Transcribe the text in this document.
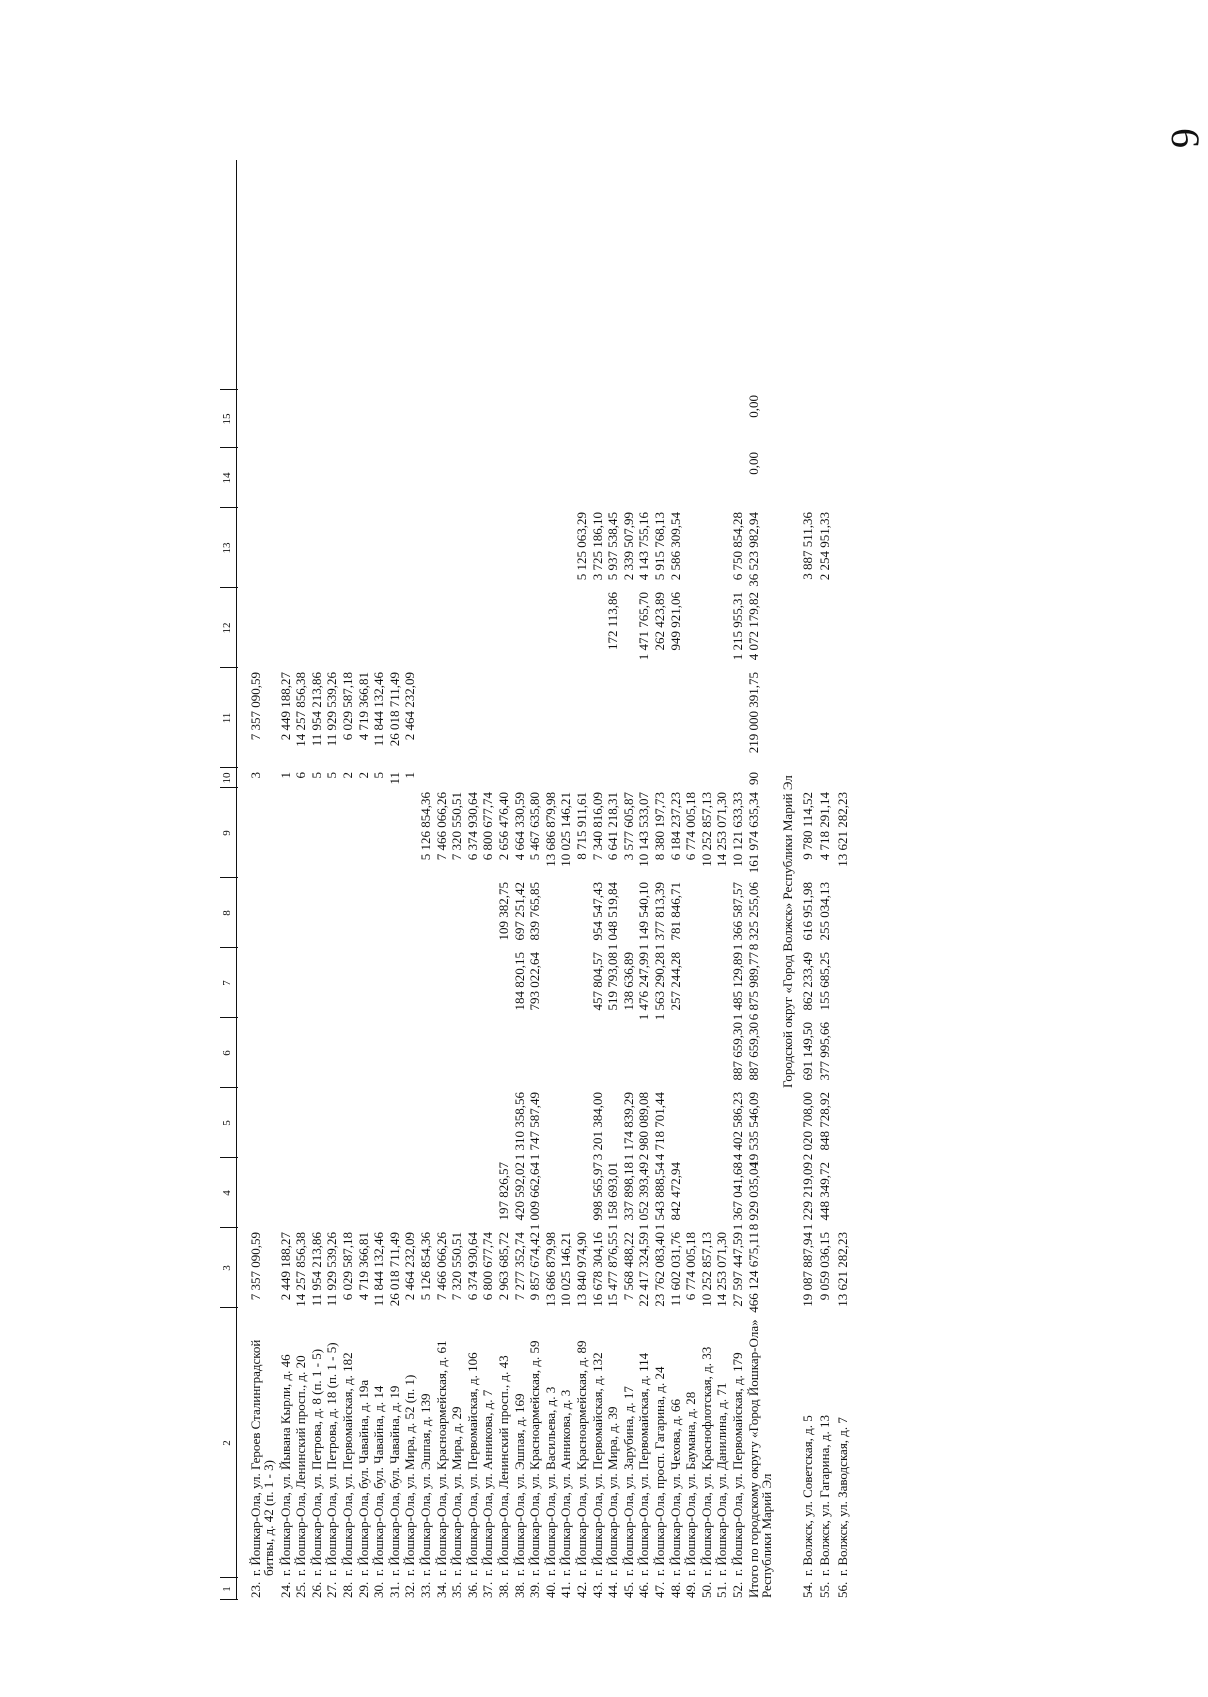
6
1
2
3
4
5
6
7
8
9
10
11
12
13
14
15
23.
г. Йошкар-Ола, ул. Героев Сталинградской
битвы, д. 42 (п. 1 - 3)
7 357 090,59
3
7 357 090,59
24.
г. Йошкар-Ола, ул. Йывана Кырли, д. 46
2 449 188,27
1
2 449 188,27
25.
г. Йошкар-Ола, Ленинский просп., д. 20
14 257 856,38
6
14 257 856,38
26.
г. Йошкар-Ола, ул. Петрова, д. 8 (п. 1 - 5)
11 954 213,86
5
11 954 213,86
27.
г. Йошкар-Ола, ул. Петрова, д. 18 (п. 1 - 5)
11 929 539,26
5
11 929 539,26
28.
г. Йошкар-Ола, ул. Первомайская, д. 182
6 029 587,18
2
6 029 587,18
29.
г. Йошкар-Ола, бул. Чавайна, д. 19а
4 719 366,81
2
4 719 366,81
30.
г. Йошкар-Ола, бул. Чавайна, д. 14
11 844 132,46
5
11 844 132,46
31.
г. Йошкар-Ола, бул. Чавайна, д. 19
26 018 711,49
11
26 018 711,49
32.
г. Йошкар-Ола, ул. Мира, д. 52 (п. 1)
2 464 232,09
1
2 464 232,09
33.
г. Йошкар-Ола, ул. Эшпая, д. 139
5 126 854,36
5 126 854,36
34.
г. Йошкар-Ола, ул. Красноармейская, д. 61
7 466 066,26
7 466 066,26
35.
г. Йошкар-Ола, ул. Мира, д. 29
7 320 550,51
7 320 550,51
36.
г. Йошкар-Ола, ул. Первомайская, д. 106
6 374 930,64
6 374 930,64
37.
г. Йошкар-Ола, ул. Анникова, д. 7
6 800 677,74
6 800 677,74
38.
г. Йошкар-Ола, Ленинский просп., д. 43
2 963 685,72
197 826,57
109 382,75
2 656 476,40
38.
г. Йошкар-Ола, ул. Эшпая, д. 169
7 277 352,74
420 592,02
1 310 358,56
184 820,15
697 251,42
4 664 330,59
39.
г. Йошкар-Ола, ул. Красноармейская, д. 59
9 857 674,42
1 009 662,64
1 747 587,49
793 022,64
839 765,85
5 467 635,80
40.
г. Йошкар-Ола, ул. Васильева, д. 3
13 686 879,98
13 686 879,98
41.
г. Йошкар-Ола, ул. Анникова, д. 3
10 025 146,21
10 025 146,21
42.
г. Йошкар-Ола, ул. Красноармейская, д. 89
13 840 974,90
8 715 911,61
5 125 063,29
43.
г. Йошкар-Ола, ул. Первомайская, д. 132
16 678 304,16
998 565,97
3 201 384,00
457 804,57
954 547,43
7 340 816,09
3 725 186,10
44.
г. Йошкар-Ола, ул. Мира, д. 39
15 477 876,55
1 158 693,01
519 793,08
1 048 519,84
6 641 218,31
172 113,86
5 937 538,45
45.
г. Йошкар-Ола, ул. Зарубина, д. 17
7 568 488,22
337 898,18
1 174 839,29
138 636,89
3 577 605,87
2 339 507,99
46.
г. Йошкар-Ола, ул. Первомайская, д. 114
22 417 324,59
1 052 393,49
2 980 089,08
1 476 247,99
1 149 540,10
10 143 533,07
1 471 765,70
4 143 755,16
47.
г. Йошкар-Ола, просп. Гагарина, д. 24
23 762 083,40
1 543 888,54
4 718 701,44
1 563 290,28
1 377 813,39
8 380 197,73
262 423,89
5 915 768,13
48.
г. Йошкар-Ола, ул. Чехова, д. 66
11 602 031,76
842 472,94
257 244,28
781 846,71
6 184 237,23
949 921,06
2 586 309,54
49.
г. Йошкар-Ола, ул. Баумана, д. 28
6 774 005,18
6 774 005,18
50.
г. Йошкар-Ола, ул. Краснофлотская, д. 33
10 252 857,13
10 252 857,13
51.
г. Йошкар-Ола, ул. Данилина, д. 71
14 253 071,30
14 253 071,30
52.
г. Йошкар-Ола, ул. Первомайская, д. 179
27 597 447,59
1 367 041,68
4 402 586,23
887 659,30
1 485 129,89
1 366 587,57
10 121 633,33
1 215 955,31
6 750 854,28
Итого по городскому округу «Город Йошкар-Ола»
Республики Марий Эл
466 124 675,11
8 929 035,04
19 535 546,09
887 659,30
6 875 989,77
8 325 255,06
161 974 635,34
90
219 000 391,75
4 072 179,82
36 523 982,94
0,00
0,00
Городской округ «Город Волжск» Республики Марий Эл
54.
г. Волжск, ул. Советская, д. 5
19 087 887,94
1 229 219,09
2 020 708,00
691 149,50
862 233,49
616 951,98
9 780 114,52
3 887 511,36
55.
г. Волжск, ул. Гагарина, д. 13
9 059 036,15
448 349,72
848 728,92
377 995,66
155 685,25
255 034,13
4 718 291,14
2 254 951,33
56.
г. Волжск, ул. Заводская, д. 7
13 621 282,23
13 621 282,23
